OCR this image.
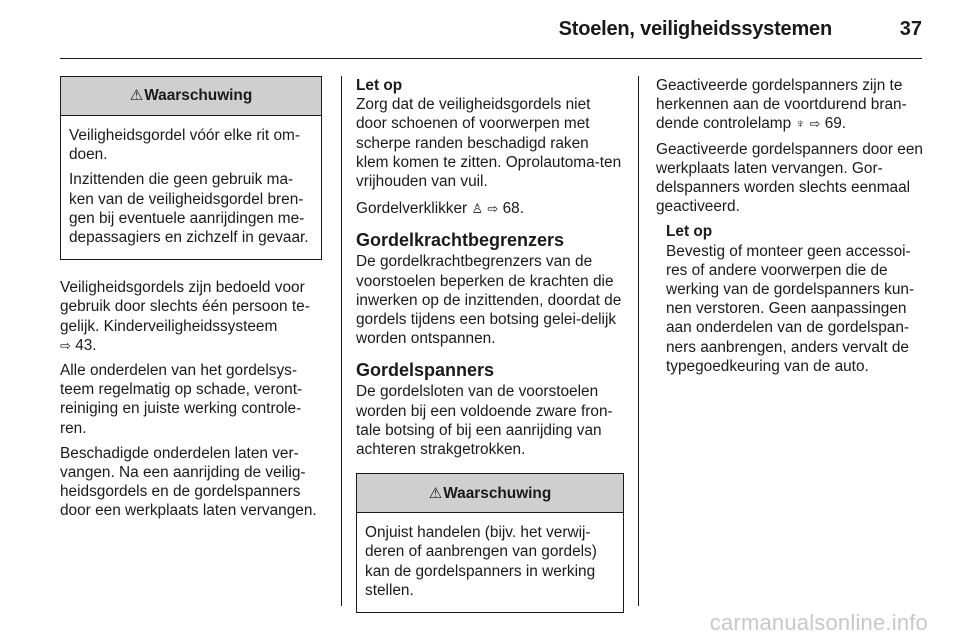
Stoelen, veiligheidssystemen	37
⚠ Waarschuwing

Veiligheidsgordel vóór elke rit om-doen.

Inzittenden die geen gebruik ma-ken van de veiligheidsgordel bren-gen bij eventuele aanrijdingen me-depassagiers en zichzelf in gevaar.

Veiligheidsgordels zijn bedoeld voor gebruik door slechts één persoon te-gelijk. Kinderveiligheidssysteem
⇨ 43.

Alle onderdelen van het gordelsys-teem regelmatig op schade, veront-reiniging en juiste werking controle-ren.

Beschadigde onderdelen laten ver-vangen. Na een aanrijding de veilig-heidsgordels en de gordelspanners door een werkplaats laten vervangen.

Let op
Zorg dat de veiligheidsgordels niet door schoenen of voorwerpen met scherpe randen beschadigd raken klem komen te zitten. Oprolautoma-ten vrijhouden van vuil.

Gordelverklikker ♙ ⇨ 68.

Gordelkrachtbegrenzers

De gordelkrachtbegrenzers van de voorstoelen beperken de krachten die inwerken op de inzittenden, doordat de gordels tijdens een botsing gelei-delijk worden ontspannen.

Gordelspanners

De gordelsloten van de voorstoelen worden bij een voldoende zware fron-tale botsing of bij een aanrijding van achteren strakgetrokken.

⚠ Waarschuwing

Onjuist handelen (bijv. het verwij-deren of aanbrengen van gordels) kan de gordelspanners in werking stellen.

Geactiveerde gordelspanners zijn te herkennen aan de voortdurend bran-dende controlelamp ♆ ⇨ 69.

Geactiveerde gordelspanners door een werkplaats laten vervangen. Gor-delspanners worden slechts eenmaal geactiveerd.

Let op
Bevestig of monteer geen accessoi-res of andere voorwerpen die de werking van de gordelspanners kun-nen verstoren. Geen aanpassingen aan onderdelen van de gordelspan-ners aanbrengen, anders vervalt de typegoedkeuring van de auto.
carmanualsonline.info
